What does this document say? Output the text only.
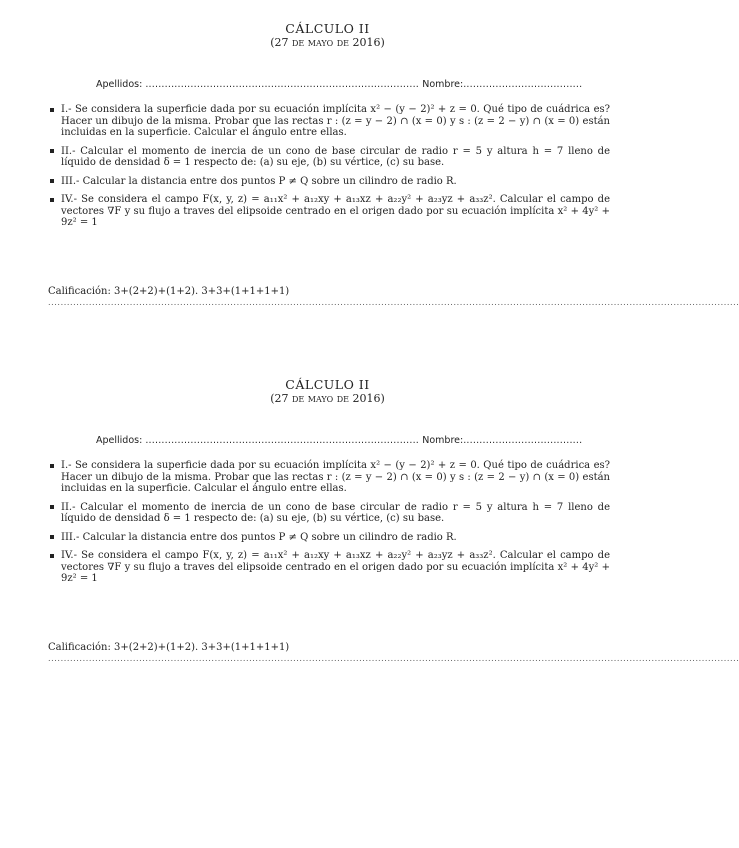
CÁLCULO II
(27 de mayo de 2016)
Apellidos: ..................................................................................... Nombre:.....................................
I.- Se considera la superficie dada por su ecuación implícita x² − (y − 2)² + z = 0. Qué tipo de cuádrica es? Hacer un dibujo de la misma. Probar que las rectas r : (z = y − 2) ∩ (x = 0) y s : (z = 2 − y) ∩ (x = 0) están incluidas en la superficie. Calcular el ángulo entre ellas.
II.- Calcular el momento de inercia de un cono de base circular de radio r = 5 y altura h = 7 lleno de líquido de densidad δ = 1 respecto de: (a) su eje, (b) su vértice, (c) su base.
III.- Calcular la distancia entre dos puntos P ≠ Q sobre un cilindro de radio R.
IV.- Se considera el campo F(x, y, z) = a₁₁x² + a₁₂xy + a₁₃xz + a₂₂y² + a₂₃yz + a₃₃z². Calcular el campo de vectores ∇F y su flujo a traves del elipsoide centrado en el origen dado por su ecuación implícita x² + 4y² + 9z² = 1
Calificación: 3+(2+2)+(1+2). 3+3+(1+1+1+1)
............................................................................................................................................................................................................................
CÁLCULO II
(27 de mayo de 2016)
Apellidos: ..................................................................................... Nombre:.....................................
I.- Se considera la superficie dada por su ecuación implícita x² − (y − 2)² + z = 0. Qué tipo de cuádrica es? Hacer un dibujo de la misma. Probar que las rectas r : (z = y − 2) ∩ (x = 0) y s : (z = 2 − y) ∩ (x = 0) están incluidas en la superficie. Calcular el ángulo entre ellas.
II.- Calcular el momento de inercia de un cono de base circular de radio r = 5 y altura h = 7 lleno de líquido de densidad δ = 1 respecto de: (a) su eje, (b) su vértice, (c) su base.
III.- Calcular la distancia entre dos puntos P ≠ Q sobre un cilindro de radio R.
IV.- Se considera el campo F(x, y, z) = a₁₁x² + a₁₂xy + a₁₃xz + a₂₂y² + a₂₃yz + a₃₃z². Calcular el campo de vectores ∇F y su flujo a traves del elipsoide centrado en el origen dado por su ecuación implícita x² + 4y² + 9z² = 1
Calificación: 3+(2+2)+(1+2). 3+3+(1+1+1+1)
............................................................................................................................................................................................................................
